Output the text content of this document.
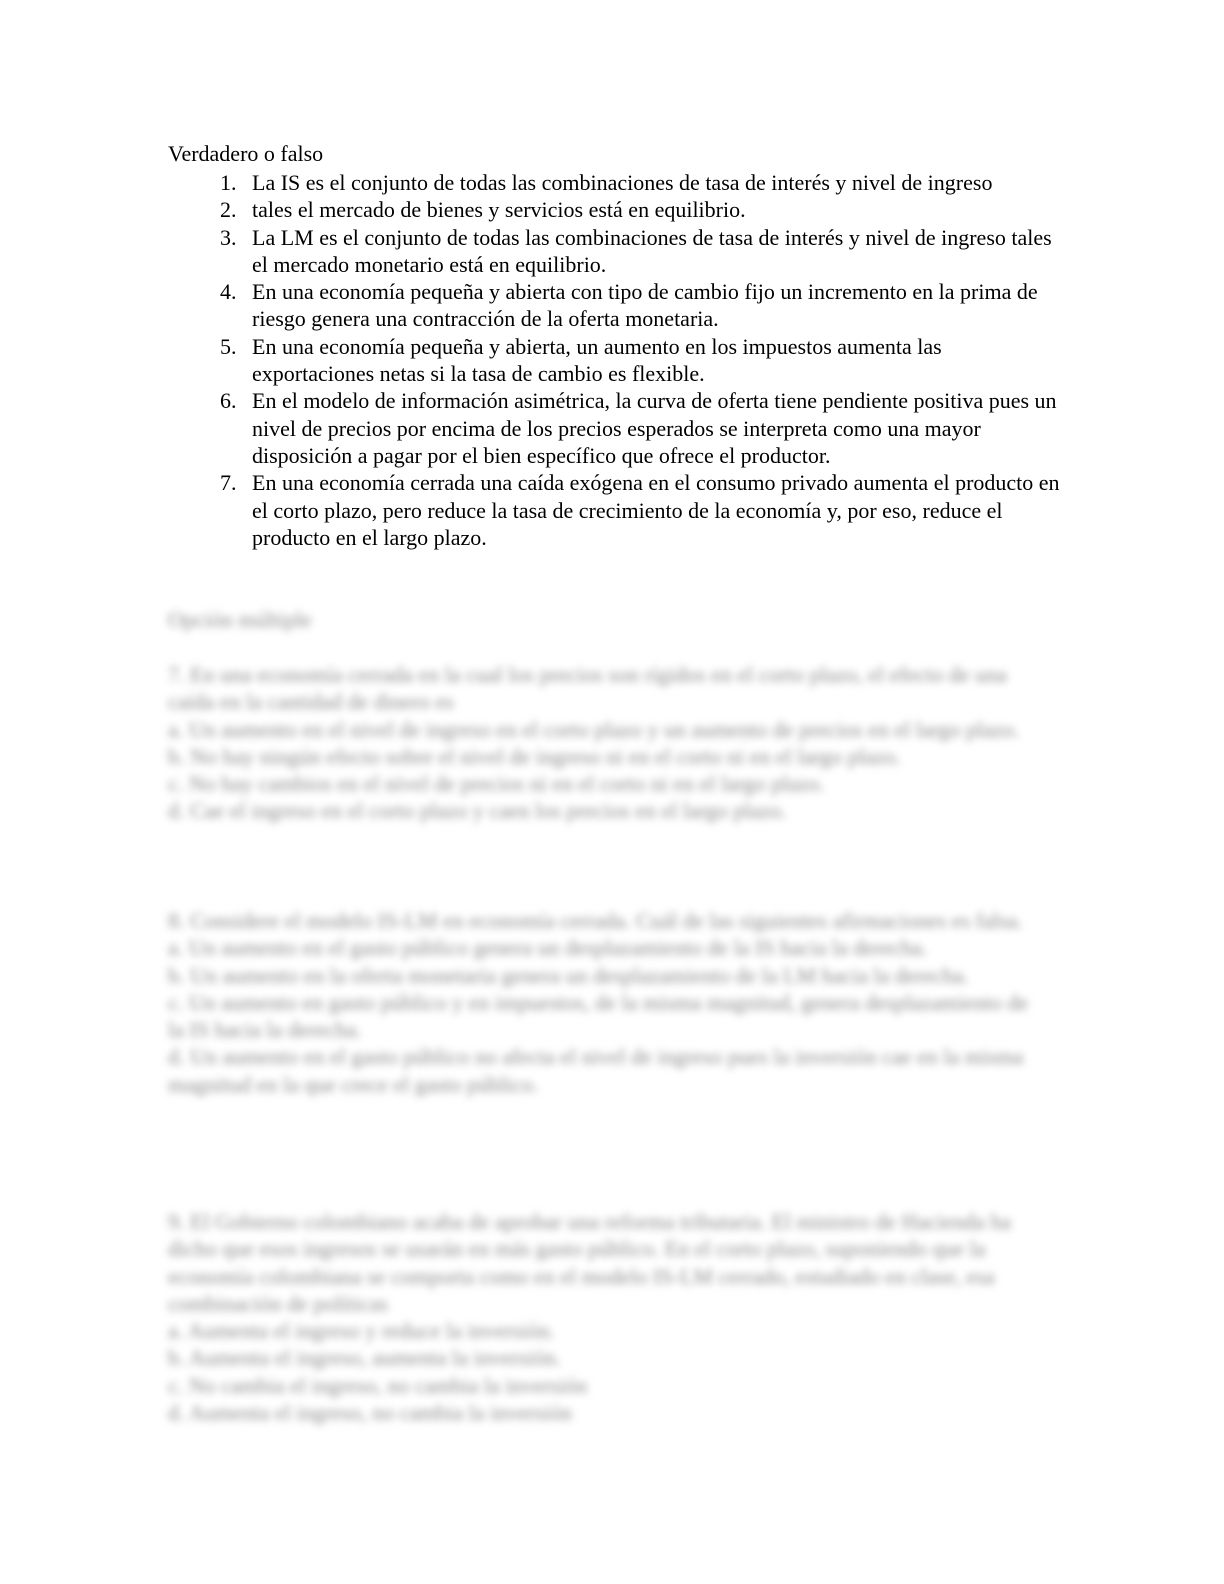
Verdadero o falso
1. La IS es el conjunto de todas las combinaciones de tasa de interés y nivel de ingreso
2. tales el mercado de bienes y servicios está en equilibrio.
3. La LM es el conjunto de todas las combinaciones de tasa de interés y nivel de ingreso tales el mercado monetario está en equilibrio.
4. En una economía pequeña y abierta con tipo de cambio fijo un incremento en la prima de riesgo genera una contracción de la oferta monetaria.
5. En una economía pequeña y abierta, un aumento en los impuestos aumenta las exportaciones netas si la tasa de cambio es flexible.
6. En el modelo de información asimétrica, la curva de oferta tiene pendiente positiva pues un nivel de precios por encima de los precios esperados se interpreta como una mayor disposición a pagar por el bien específico que ofrece el productor.
7. En una economía cerrada una caída exógena en el consumo privado aumenta el producto en el corto plazo, pero reduce la tasa de crecimiento de la economía y, por eso, reduce el producto en el largo plazo.

Opción múltiple

7. En una economía cerrada en la cual los precios son rígidos en el corto plazo, el efecto de una caída en la cantidad de dinero es

a. Un aumento en el nivel de ingreso en el corto plazo y un aumento de precios en el largo plazo.

b. No hay ningún efecto sobre el nivel de ingreso ni en el corto ni en el largo plazo.

c. No hay cambios en el nivel de precios ni en el corto ni en el largo plazo.

d. Cae el ingreso en el corto plazo y caen los precios en el largo plazo.

8. Considere el modelo IS-LM en economía cerrada. Cuál de las siguientes afirmaciones es falsa.

a. Un aumento en el gasto público genera un desplazamiento de la IS hacia la derecha.

b. Un aumento en la oferta monetaria genera un desplazamiento de la LM hacia la derecha.

c. Un aumento en gasto público y en impuestos, de la misma magnitud, genera desplazamiento de la IS hacia la derecha.

d. Un aumento en el gasto público no afecta el nivel de ingreso pues la inversión cae en la misma magnitud en la que crece el gasto público.

9. El Gobierno colombiano acaba de aprobar una reforma tributaria. El ministro de Hacienda ha dicho que esos ingresos se usarán en más gasto público. En el corto plazo, suponiendo que la economía colombiana se comporta como en el modelo IS-LM cerrado, estudiado en clase, esa combinación de políticas

a. Aumenta el ingreso y reduce la inversión.

b. Aumenta el ingreso, aumenta la inversión.

c. No cambia el ingreso, no cambia la inversión

d. Aumenta el ingreso, no cambia la inversión
